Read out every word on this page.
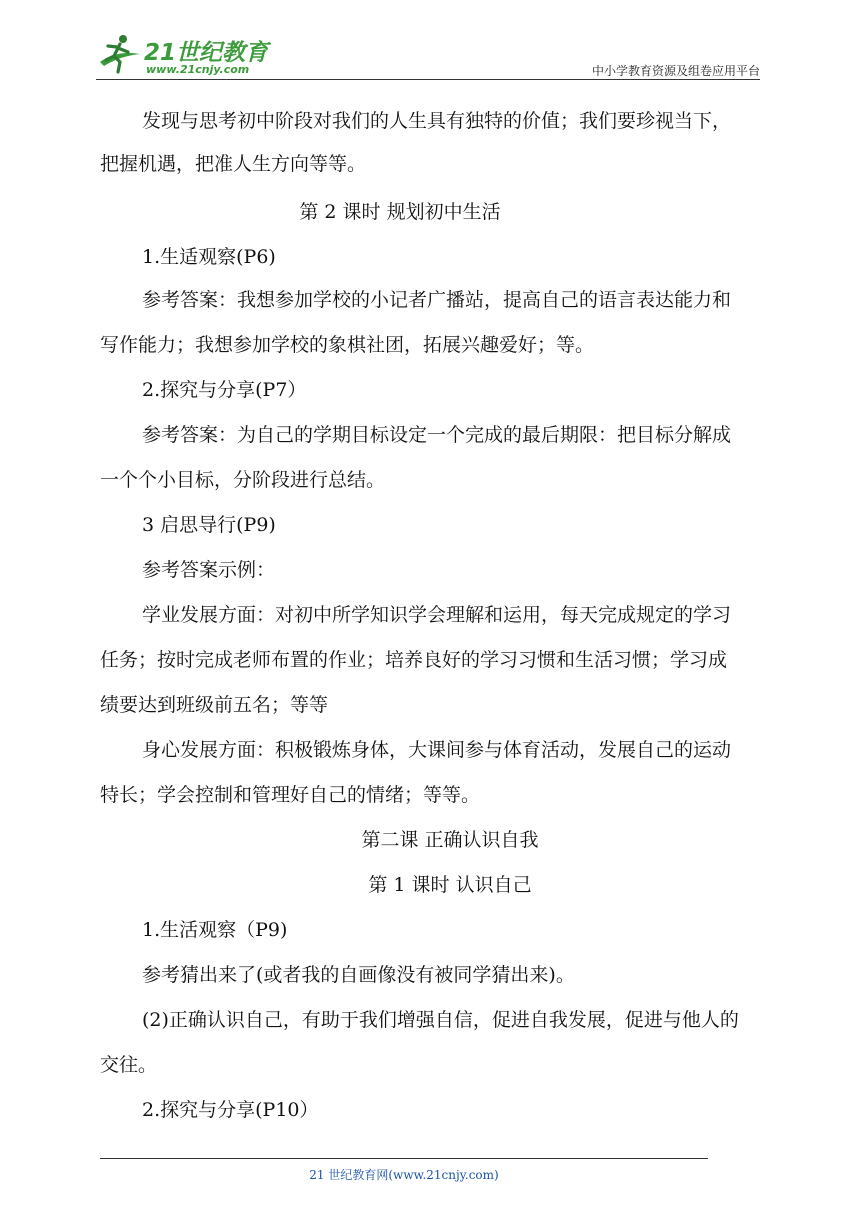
21世纪教育
www.21cnjy.com	中小学教育资源及组卷应用平台
发现与思考初中阶段对我们的人生具有独特的价值；我们要珍视当下，
把握机遇，把准人生方向等等。
第 2 课时 规划初中生活
1.生适观察(P6)
参考答案：我想参加学校的小记者广播站，提高自己的语言表达能力和
写作能力；我想参加学校的象棋社团，拓展兴趣爱好；等。
2.探究与分享(P7）
参考答案：为自己的学期目标设定一个完成的最后期限：把目标分解成
一个个小目标，分阶段进行总结。
3 启思导行(P9)
参考答案示例：
学业发展方面：对初中所学知识学会理解和运用，每天完成规定的学习
任务；按时完成老师布置的作业；培养良好的学习习惯和生活习惯；学习成
绩要达到班级前五名；等等
身心发展方面：积极锻炼身体，大课间参与体育活动，发展自己的运动
特长；学会控制和管理好自己的情绪；等等。
第二课 正确认识自我
第 1 课时 认识自己
1.生活观察（P9)
参考猜出来了(或者我的自画像没有被同学猜出来)。
(2)正确认识自己，有助于我们增强自信，促进自我发展，促进与他人的
交往。
2.探究与分享(P10）
21 世纪教育网(www.21cnjy.com)
